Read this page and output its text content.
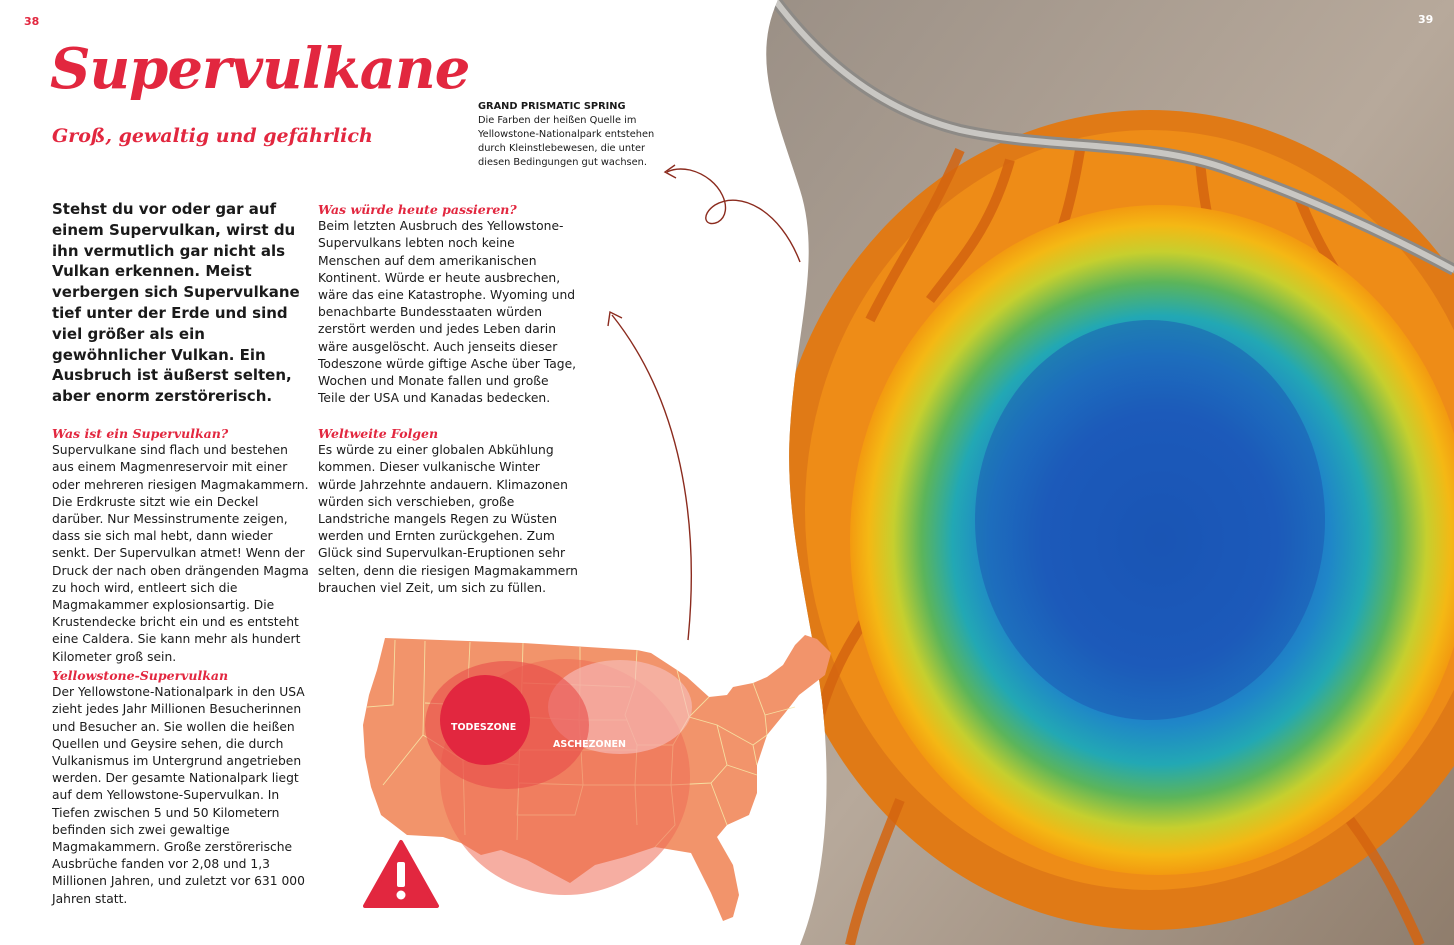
38	39
Supervulkane
Groß, gewaltig und gefährlich

Stehst du vor oder gar auf einem Supervulkan, wirst du ihn vermutlich gar nicht als Vulkan erkennen. Meist verbergen sich Supervulkane tief unter der Erde und sind viel größer als ein gewöhnlicher Vulkan. Ein Ausbruch ist äußerst selten, aber enorm zerstörerisch.

Was ist ein Supervulkan?

Supervulkane sind flach und bestehen aus einem Magmenreservoir mit einer oder mehreren riesigen Magmakammern. Die Erdkruste sitzt wie ein Deckel darüber. Nur Messinstrumente zeigen, dass sie sich mal hebt, dann wieder senkt. Der Supervulkan atmet! Wenn der Druck der nach oben drängenden Magma zu hoch wird, entleert sich die Magmakammer explosionsartig. Die Krustendecke bricht ein und es entsteht eine Caldera. Sie kann mehr als hundert Kilometer groß sein.

Yellowstone-Supervulkan

Der Yellowstone-Nationalpark in den USA zieht jedes Jahr Millionen Besucherinnen und Besucher an. Sie wollen die heißen Quellen und Geysire sehen, die durch Vulkanismus im Untergrund angetrieben werden. Der gesamte Nationalpark liegt auf dem Yellowstone-Supervulkan. In Tiefen zwischen 5 und 50 Kilometern befinden sich zwei gewaltige Magmakammern. Große zerstörerische Ausbrüche fanden vor 2,08 und 1,3 Millionen Jahren, und zuletzt vor 631 000 Jahren statt.

Was würde heute passieren?

Beim letzten Ausbruch des Yellowstone-Supervulkans lebten noch keine Menschen auf dem amerikanischen Kontinent. Würde er heute ausbrechen, wäre das eine Katastrophe. Wyoming und benachbarte Bundesstaaten würden zerstört werden und jedes Leben darin wäre ausgelöscht. Auch jenseits dieser Todeszone würde giftige Asche über Tage, Wochen und Monate fallen und große Teile der USA und Kanadas bedecken.

Weltweite Folgen

Es würde zu einer globalen Abkühlung kommen. Dieser vulkanische Winter würde Jahrzehnte andauern. Klimazonen würden sich verschieben, große Landstriche mangels Regen zu Wüsten werden und Ernten zurückgehen. Zum Glück sind Supervulkan-Eruptionen sehr selten, denn die riesigen Magmakammern brauchen viel Zeit, um sich zu füllen.

GRAND PRISMATIC SPRING
Die Farben der heißen Quelle im Yellowstone-Nationalpark entstehen durch Kleinstlebewesen, die unter diesen Bedingungen gut wachsen.
TODESZONE
ASCHEZONEN
